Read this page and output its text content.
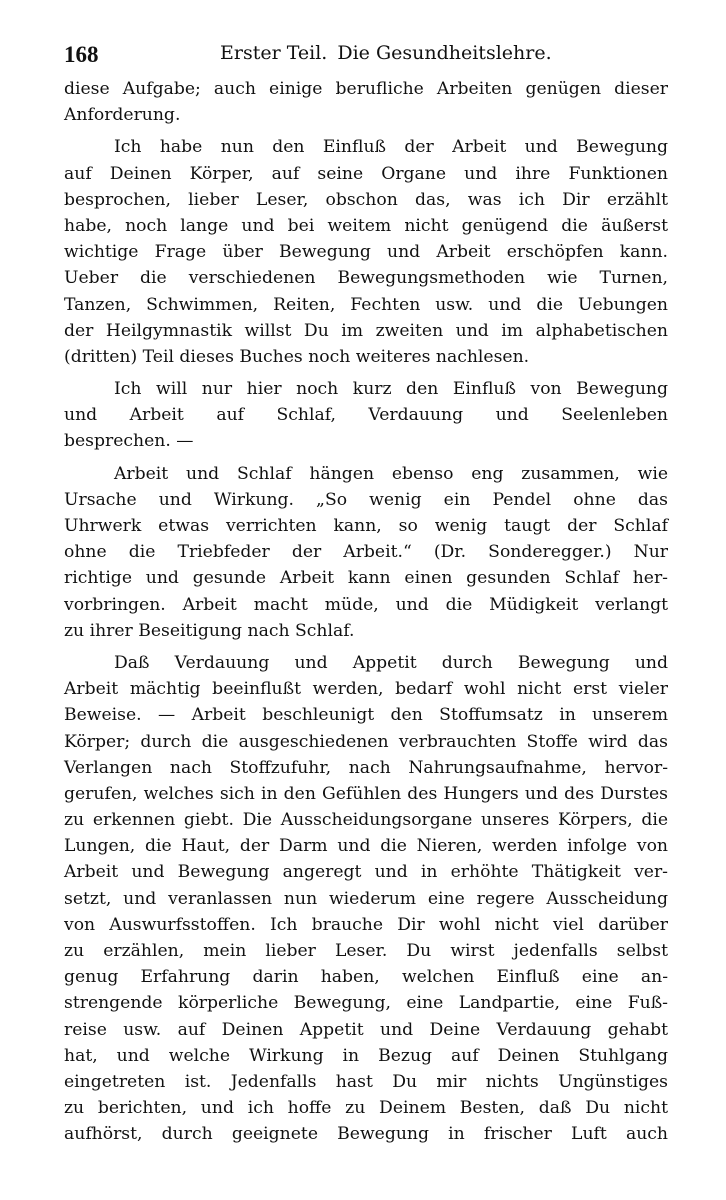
168	Erster Teil. Die Gesundheitslehre.
diese Aufgabe; auch einige berufliche Arbeiten genügen dieser
Anforderung.
Ich habe nun den Einfluß der Arbeit und Bewegung
auf Deinen Körper, auf seine Organe und ihre Funktionen
besprochen, lieber Leser, obschon das, was ich Dir erzählt
habe, noch lange und bei weitem nicht genügend die äußerst
wichtige Frage über Bewegung und Arbeit erschöpfen kann.
Ueber die verschiedenen Bewegungsmethoden wie Turnen,
Tanzen, Schwimmen, Reiten, Fechten usw. und die Uebungen
der Heilgymnastik willst Du im zweiten und im alphabetischen
(dritten) Teil dieses Buches noch weiteres nachlesen.
Ich will nur hier noch kurz den Einfluß von Bewegung
und Arbeit auf Schlaf, Verdauung und Seelenleben
besprechen. —
Arbeit und Schlaf hängen ebenso eng zusammen, wie
Ursache und Wirkung. „So wenig ein Pendel ohne das
Uhrwerk etwas verrichten kann, so wenig taugt der Schlaf
ohne die Triebfeder der Arbeit.“ (Dr. Sonderegger.) Nur
richtige und gesunde Arbeit kann einen gesunden Schlaf her-
vorbringen. Arbeit macht müde, und die Müdigkeit verlangt
zu ihrer Beseitigung nach Schlaf.
Daß Verdauung und Appetit durch Bewegung und
Arbeit mächtig beeinflußt werden, bedarf wohl nicht erst vieler
Beweise. — Arbeit beschleunigt den Stoffumsatz in unserem
Körper; durch die ausgeschiedenen verbrauchten Stoffe wird das
Verlangen nach Stoffzufuhr, nach Nahrungsaufnahme, hervor-
gerufen, welches sich in den Gefühlen des Hungers und des Durstes
zu erkennen giebt. Die Ausscheidungsorgane unseres Körpers, die
Lungen, die Haut, der Darm und die Nieren, werden infolge von
Arbeit und Bewegung angeregt und in erhöhte Thätigkeit ver-
setzt, und veranlassen nun wiederum eine regere Ausscheidung
von Auswurfsstoffen. Ich brauche Dir wohl nicht viel darüber
zu erzählen, mein lieber Leser. Du wirst jedenfalls selbst
genug Erfahrung darin haben, welchen Einfluß eine an-
strengende körperliche Bewegung, eine Landpartie, eine Fuß-
reise usw. auf Deinen Appetit und Deine Verdauung gehabt
hat, und welche Wirkung in Bezug auf Deinen Stuhlgang
eingetreten ist. Jedenfalls hast Du mir nichts Ungünstiges
zu berichten, und ich hoffe zu Deinem Besten, daß Du nicht
aufhörst, durch geeignete Bewegung in frischer Luft auch
